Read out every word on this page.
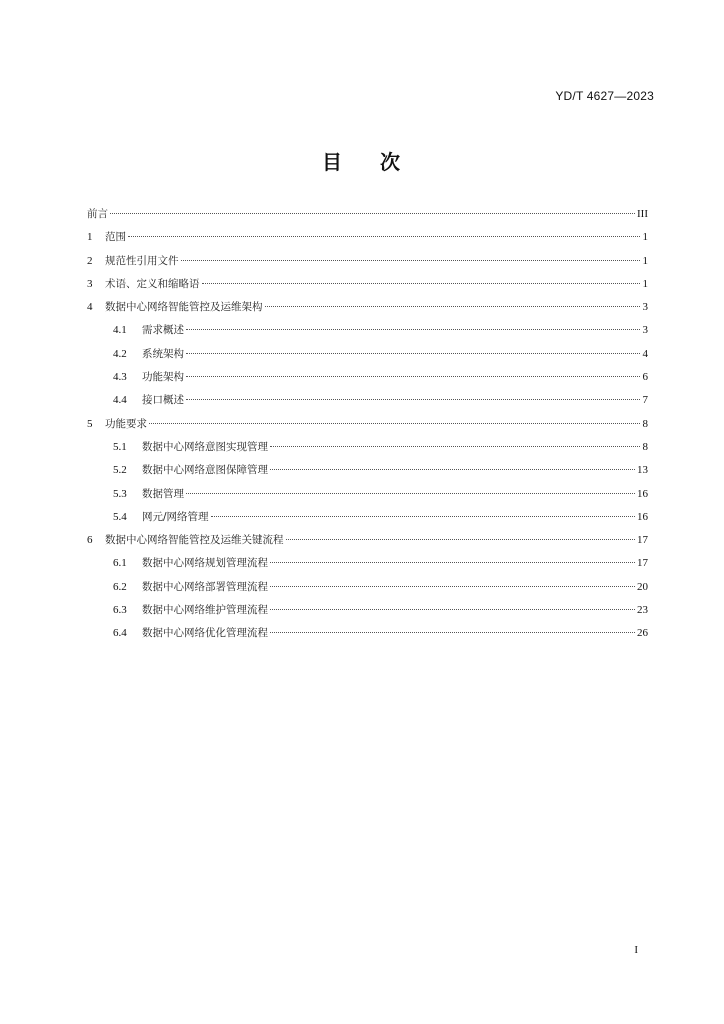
YD/T 4627—2023
目次
前言	III
1	范围	1
2	规范性引用文件	1
3	术语、定义和缩略语	1
4	数据中心网络智能管控及运维架构	3
4.1	需求概述	3
4.2	系统架构	4
4.3	功能架构	6
4.4	接口概述	7
5	功能要求	8
5.1	数据中心网络意图实现管理	8
5.2	数据中心网络意图保障管理	13
5.3	数据管理	16
5.4	网元/网络管理	16
6	数据中心网络智能管控及运维关键流程	17
6.1	数据中心网络规划管理流程	17
6.2	数据中心网络部署管理流程	20
6.3	数据中心网络维护管理流程	23
6.4	数据中心网络优化管理流程	26
I
